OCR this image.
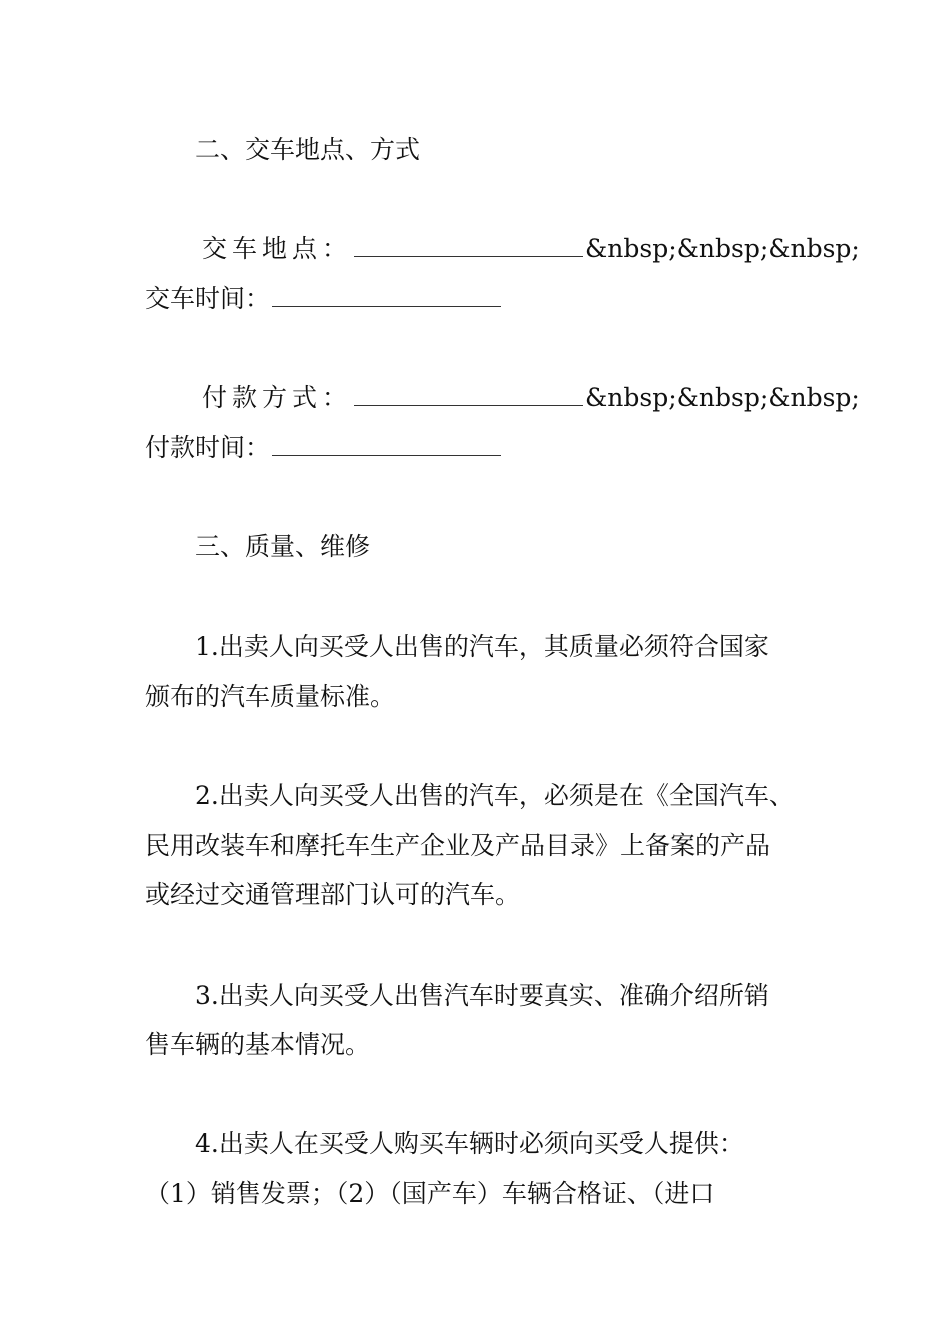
二、交车地点、方式
交车地点：	&nbsp;&nbsp;&nbsp;
交车时间：
付款方式：	&nbsp;&nbsp;&nbsp;
付款时间：
三、质量、维修
1.出卖人向买受人出售的汽车，其质量必须符合国家
颁布的汽车质量标准。
2.出卖人向买受人出售的汽车，必须是在《全国汽车、
民用改装车和摩托车生产企业及产品目录》上备案的产品
或经过交通管理部门认可的汽车。
3.出卖人向买受人出售汽车时要真实、准确介绍所销
售车辆的基本情况。
4.出卖人在买受人购买车辆时必须向买受人提供：
（1）销售发票；（2）（国产车）车辆合格证、（进口
